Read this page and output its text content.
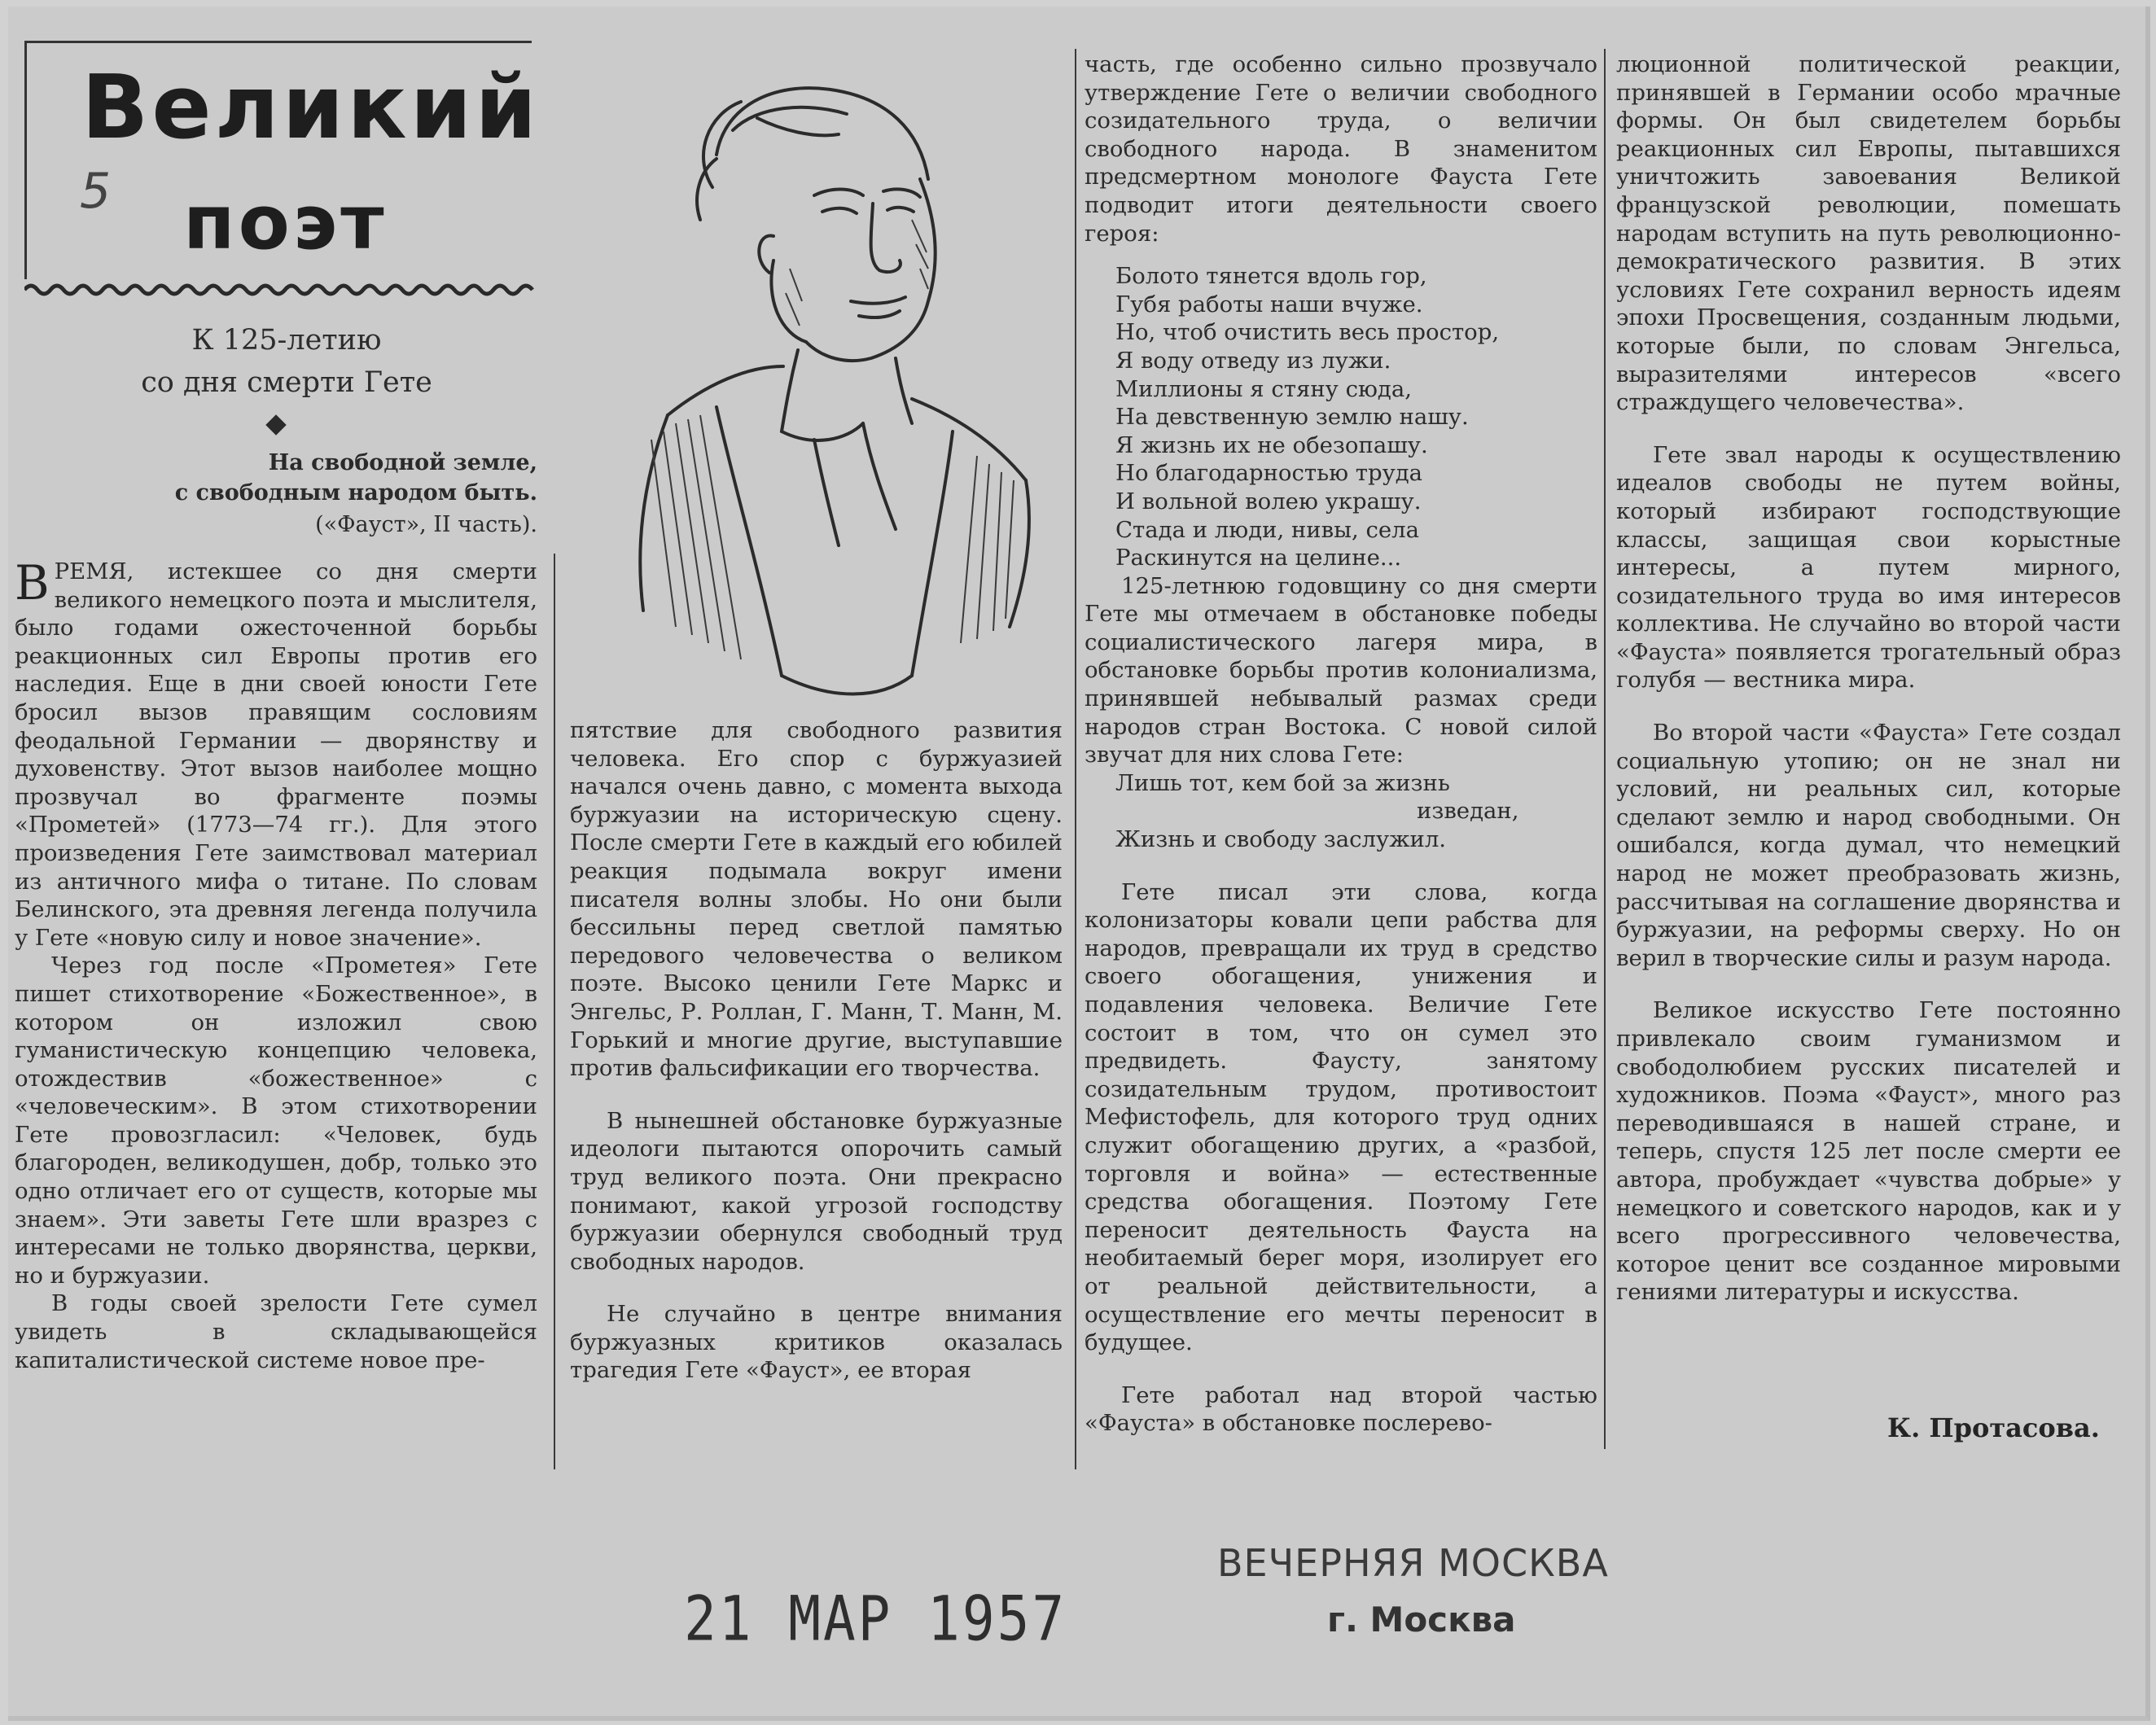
Великий
поэт
5

К 125-летию

со дня смерти Гете

На свободной земле,

с свободным народом быть.

(«Фауст», II часть).

В РЕМЯ, истекшее со дня смерти великого немецкого поэта и мыслителя, было годами ожесточенной борьбы реакционных сил Европы против его наследия. Еще в дни своей юности Гете бросил вызов правящим сословиям феодальной Германии — дворянству и духовенству. Этот вызов наиболее мощно прозвучал во фрагменте поэмы «Прометей» (1773—74 гг.). Для этого произведения Гете заимствовал материал из античного мифа о титане. По словам Белинского, эта древняя легенда получила у Гете «новую силу и новое значение».

Через год после «Прометея» Гете пишет стихотворение «Божественное», в котором он изложил свою гуманистическую концепцию человека, отождествив «божественное» с «человеческим». В этом стихотворении Гете провозгласил: «Человек, будь благороден, великодушен, добр, только это одно отличает его от существ, которые мы знаем». Эти заветы Гете шли вразрез с интересами не только дворянства, церкви, но и буржуазии.

В годы своей зрелости Гете сумел увидеть в складывающейся капиталистической системе новое пре-

пятствие для свободного развития человека. Его спор с буржуазией начался очень давно, с момента выхода буржуазии на историческую сцену. После смерти Гете в каждый его юбилей реакция подымала вокруг имени писателя волны злобы. Но они были бессильны перед светлой памятью передового человечества о великом поэте. Высоко ценили Гете Маркс и Энгельс, Р. Роллан, Г. Манн, Т. Манн, М. Горький и многие другие, выступавшие против фальсификации его творчества.

В нынешней обстановке буржуазные идеологи пытаются опорочить самый труд великого поэта. Они прекрасно понимают, какой угрозой господству буржуазии обернулся свободный труд свободных народов.

Не случайно в центре внимания буржуазных критиков оказалась трагедия Гете «Фауст», ее вторая

часть, где особенно сильно прозвучало утверждение Гете о величии свободного созидательного труда, о величии свободного народа. В знаменитом предсмертном монологе Фауста Гете подводит итоги деятельности своего героя:

Болото тянется вдоль гор,
Губя работы наши вчуже.
Но, чтоб очистить весь простор,
Я воду отведу из лужи.
Миллионы я стяну сюда,
На девственную землю нашу.
Я жизнь их не обезопашу.
Но благодарностью труда
И вольной волею украшу.
Стада и люди, нивы, села
Раскинутся на целине...

125-летнюю годовщину со дня смерти Гете мы отмечаем в обстановке победы социалистического лагеря мира, в обстановке борьбы против колониализма, принявшей небывалый размах среди народов стран Востока. С новой силой звучат для них слова Гете:

Лишь тот, кем бой за жизнь
изведан,
Жизнь и свободу заслужил.

Гете писал эти слова, когда колонизаторы ковали цепи рабства для народов, превращали их труд в средство своего обогащения, унижения и подавления человека. Величие Гете состоит в том, что он сумел это предвидеть. Фаусту, занятому созидательным трудом, противостоит Мефистофель, для которого труд одних служит обогащению других, а «разбой, торговля и война» — естественные средства обогащения. Поэтому Гете переносит деятельность Фауста на необитаемый берег моря, изолирует его от реальной действительности, а осуществление его мечты переносит в будущее.

Гете работал над второй частью «Фауста» в обстановке послерево-

люционной политической реакции, принявшей в Германии особо мрачные формы. Он был свидетелем борьбы реакционных сил Европы, пытавшихся уничтожить завоевания Великой французской революции, помешать народам вступить на путь революционно-демократического развития. В этих условиях Гете сохранил верность идеям эпохи Просвещения, созданным людьми, которые были, по словам Энгельса, выразителями интересов «всего страждущего человечества».

Гете звал народы к осуществлению идеалов свободы не путем войны, который избирают господствующие классы, защищая свои корыстные интересы, а путем мирного, созидательного труда во имя интересов коллектива. Не случайно во второй части «Фауста» появляется трогательный образ голубя — вестника мира.

Во второй части «Фауста» Гете создал социальную утопию; он не знал ни условий, ни реальных сил, которые сделают землю и народ свободными. Он ошибался, когда думал, что немецкий народ не может преобразовать жизнь, рассчитывая на соглашение дворянства и буржуазии, на реформы сверху. Но он верил в творческие силы и разум народа.

Великое искусство Гете постоянно привлекало своим гуманизмом и свободолюбием русских писателей и художников. Поэма «Фауст», много раз переводившаяся в нашей стране, и теперь, спустя 125 лет после смерти ее автора, пробуждает «чувства добрые» у немецкого и советского народов, как и у всего прогрессивного человечества, которое ценит все созданное мировыми гениями литературы и искусства.

К. Протасова.

ВЕЧЕРНЯЯ МОСКВА

г. Москва

21 МАР 1957
